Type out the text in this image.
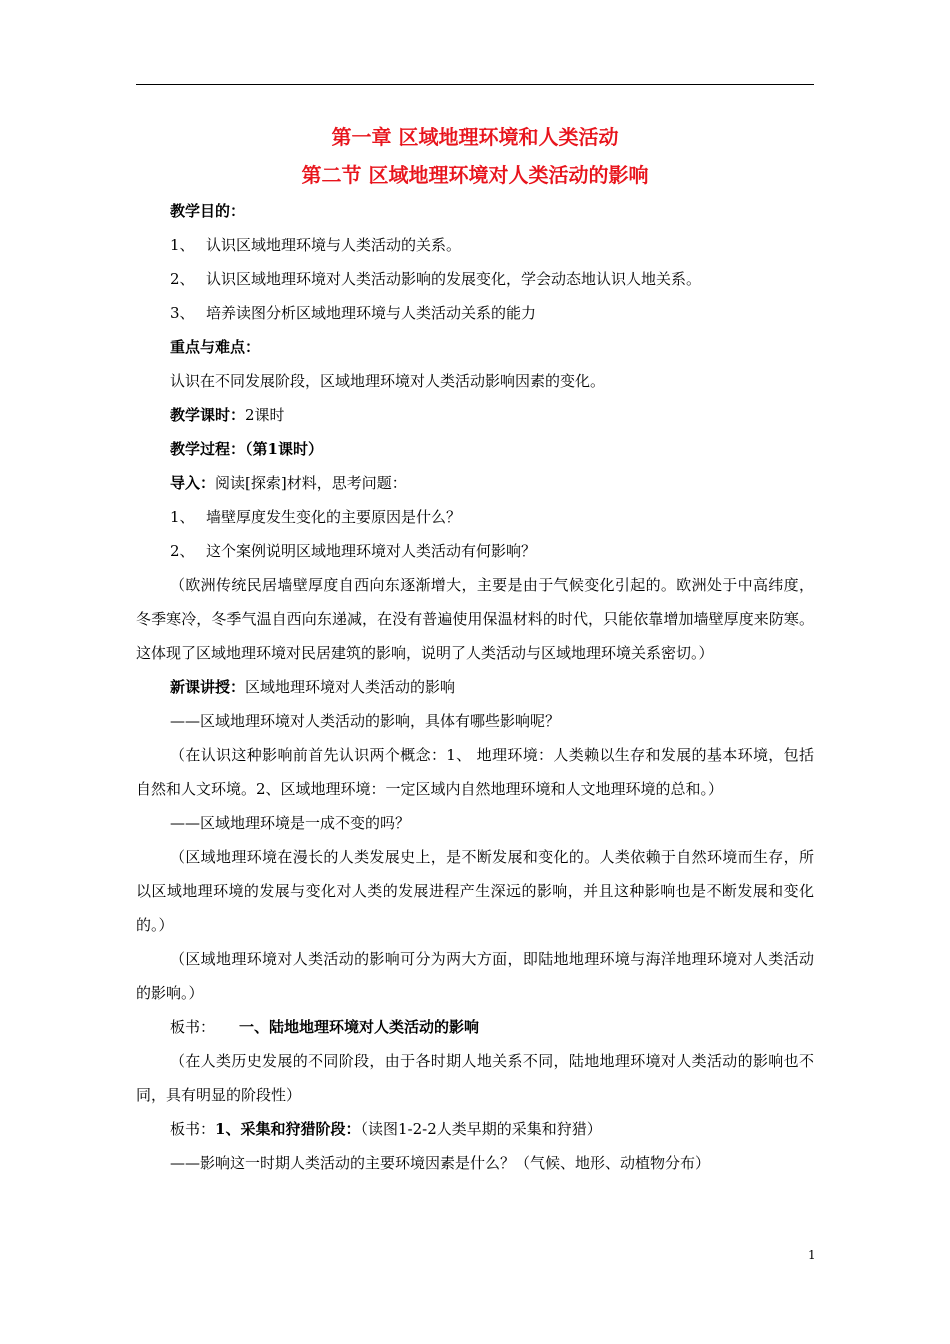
第一章 区域地理环境和人类活动
第二节 区域地理环境对人类活动的影响

教学目的：

1、 认识区域地理环境与人类活动的关系。

2、 认识区域地理环境对人类活动影响的发展变化，学会动态地认识人地关系。

3、 培养读图分析区域地理环境与人类活动关系的能力

重点与难点：

认识在不同发展阶段，区域地理环境对人类活动影响因素的变化。

教学课时：2课时

教学过程：（第1课时）

导入：阅读[探索]材料，思考问题：

1、 墙壁厚度发生变化的主要原因是什么？

2、 这个案例说明区域地理环境对人类活动有何影响？

（欧洲传统民居墙壁厚度自西向东逐渐增大，主要是由于气候变化引起的。欧洲处于中高纬度，冬季寒冷，冬季气温自西向东递减，在没有普遍使用保温材料的时代，只能依靠增加墙壁厚度来防寒。这体现了区域地理环境对民居建筑的影响，说明了人类活动与区域地理环境关系密切。）

新课讲授：区域地理环境对人类活动的影响

——区域地理环境对人类活动的影响，具体有哪些影响呢？

（在认识这种影响前首先认识两个概念：1、 地理环境：人类赖以生存和发展的基本环境，包括自然和人文环境。2、区域地理环境：一定区域内自然地理环境和人文地理环境的总和。）

——区域地理环境是一成不变的吗？

（区域地理环境在漫长的人类发展史上，是不断发展和变化的。人类依赖于自然环境而生存，所以区域地理环境的发展与变化对人类的发展进程产生深远的影响，并且这种影响也是不断发展和变化的。）

（区域地理环境对人类活动的影响可分为两大方面，即陆地地理环境与海洋地理环境对人类活动的影响。）

板书： 一、陆地地理环境对人类活动的影响

（在人类历史发展的不同阶段，由于各时期人地关系不同，陆地地理环境对人类活动的影响也不同，具有明显的阶段性）

板书：1、采集和狩猎阶段：（读图1-2-2人类早期的采集和狩猎）

——影响这一时期人类活动的主要环境因素是什么？（气候、地形、动植物分布）

1
